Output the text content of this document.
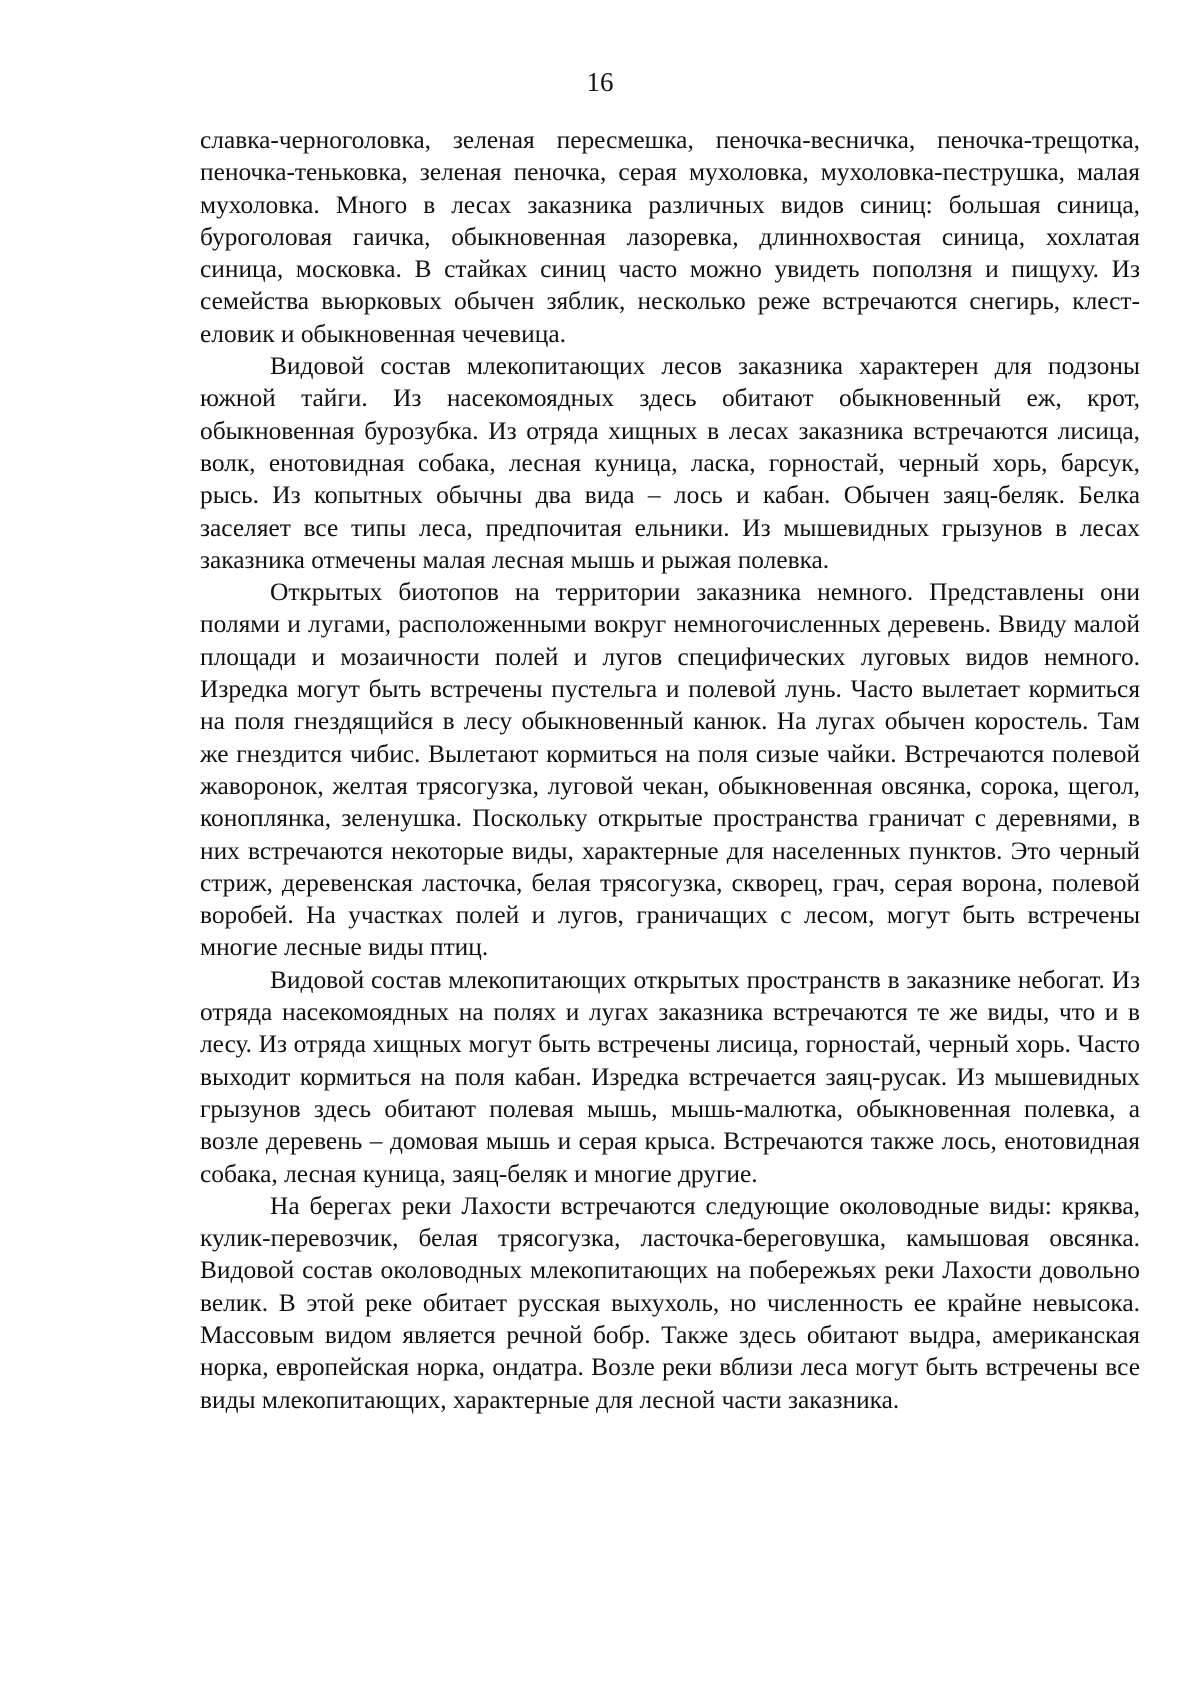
16

славка-черноголовка, зеленая пересмешка, пеночка-весничка, пеночка-трещотка, пеночка-теньковка, зеленая пеночка, серая мухоловка, мухоловка-пеструшка, малая мухоловка. Много в лесах заказника различных видов синиц: большая синица, буроголовая гаичка, обыкновенная лазоревка, длиннохвостая синица, хохлатая синица, московка. В стайках синиц часто можно увидеть поползня и пищуху. Из семейства вьюрковых обычен зяблик, несколько реже встречаются снегирь, клест-еловик и обыкновенная чечевица.

Видовой состав млекопитающих лесов заказника характерен для подзоны южной тайги. Из насекомоядных здесь обитают обыкновенный еж, крот, обыкновенная бурозубка. Из отряда хищных в лесах заказника встречаются лисица, волк, енотовидная собака, лесная куница, ласка, горностай, черный хорь, барсук, рысь. Из копытных обычны два вида – лось и кабан. Обычен заяц-беляк. Белка заселяет все типы леса, предпочитая ельники. Из мышевидных грызунов в лесах заказника отмечены малая лесная мышь и рыжая полевка.

Открытых биотопов на территории заказника немного. Представлены они полями и лугами, расположенными вокруг немногочисленных деревень. Ввиду малой площади и мозаичности полей и лугов специфических луговых видов немного. Изредка могут быть встречены пустельга и полевой лунь. Часто вылетает кормиться на поля гнездящийся в лесу обыкновенный канюк. На лугах обычен коростель. Там же гнездится чибис. Вылетают кормиться на поля сизые чайки. Встречаются полевой жаворонок, желтая трясогузка, луговой чекан, обыкновенная овсянка, сорока, щегол, коноплянка, зеленушка. Поскольку открытые пространства граничат с деревнями, в них встречаются некоторые виды, характерные для населенных пунктов. Это черный стриж, деревенская ласточка, белая трясогузка, скворец, грач, серая ворона, полевой воробей. На участках полей и лугов, граничащих с лесом, могут быть встречены многие лесные виды птиц.

Видовой состав млекопитающих открытых пространств в заказнике небогат. Из отряда насекомоядных на полях и лугах заказника встречаются те же виды, что и в лесу. Из отряда хищных могут быть встречены лисица, горностай, черный хорь. Часто выходит кормиться на поля кабан. Изредка встречается заяц-русак. Из мышевидных грызунов здесь обитают полевая мышь, мышь-малютка, обыкновенная полевка, а возле деревень – домовая мышь и серая крыса. Встречаются также лось, енотовидная собака, лесная куница, заяц-беляк и многие другие.

На берегах реки Лахости встречаются следующие околоводные виды: кряква, кулик-перевозчик, белая трясогузка, ласточка-береговушка, камышовая овсянка. Видовой состав околоводных млекопитающих на побережьях реки Лахости довольно велик. В этой реке обитает русская выхухоль, но численность ее крайне невысока. Массовым видом является речной бобр. Также здесь обитают выдра, американская норка, европейская норка, ондатра. Возле реки вблизи леса могут быть встречены все виды млекопитающих, характерные для лесной части заказника.
